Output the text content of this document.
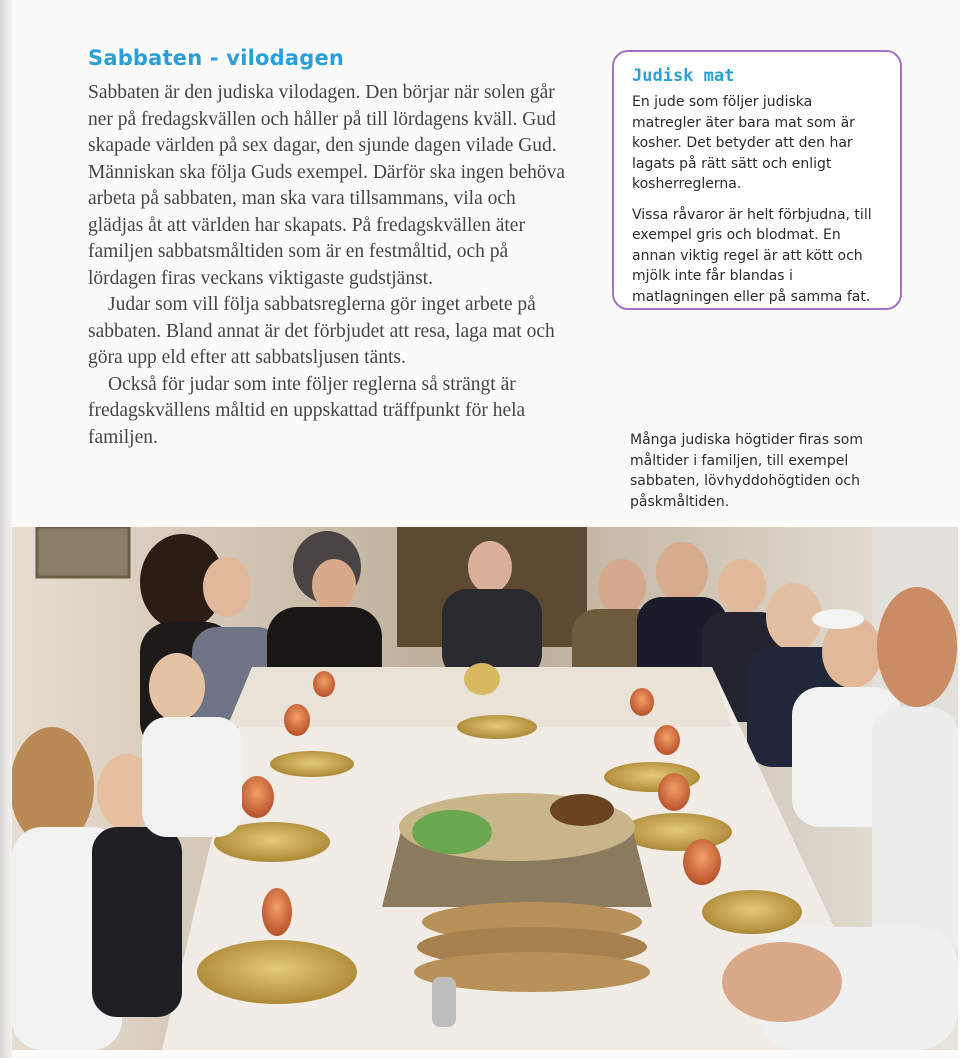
Sabbaten - vilodagen

Sabbaten är den judiska vilodagen. Den börjar när solen går ner på fredagskvällen och håller på till lördagens kväll. Gud skapade världen på sex dagar, den sjunde dagen vilade Gud. Människan ska följa Guds exempel. Därför ska ingen behöva arbeta på sabbaten, man ska vara tillsammans, vila och glädjas åt att världen har skapats. På fredagskvällen äter familjen sabbatsmåltiden som är en festmåltid, och på lördagen firas veckans viktigaste gudstjänst.

Judar som vill följa sabbatsreglerna gör inget arbete på sabbaten. Bland annat är det förbjudet att resa, laga mat och göra upp eld efter att sabbatsljusen tänts.

Också för judar som inte följer reglerna så strängt är fredagskvällens måltid en uppskattad träffpunkt för hela familjen.

Judisk mat

En jude som följer judiska matregler äter bara mat som är kosher. Det betyder att den har lagats på rätt sätt och enligt kosherreglerna.

Vissa råvaror är helt förbjudna, till exempel gris och blodmat. En annan viktig regel är att kött och mjölk inte får blandas i matlagningen eller på samma fat.

Många judiska högtider firas som måltider i familjen, till exempel sabbaten, lövhyddohögtiden och påskmåltiden.
